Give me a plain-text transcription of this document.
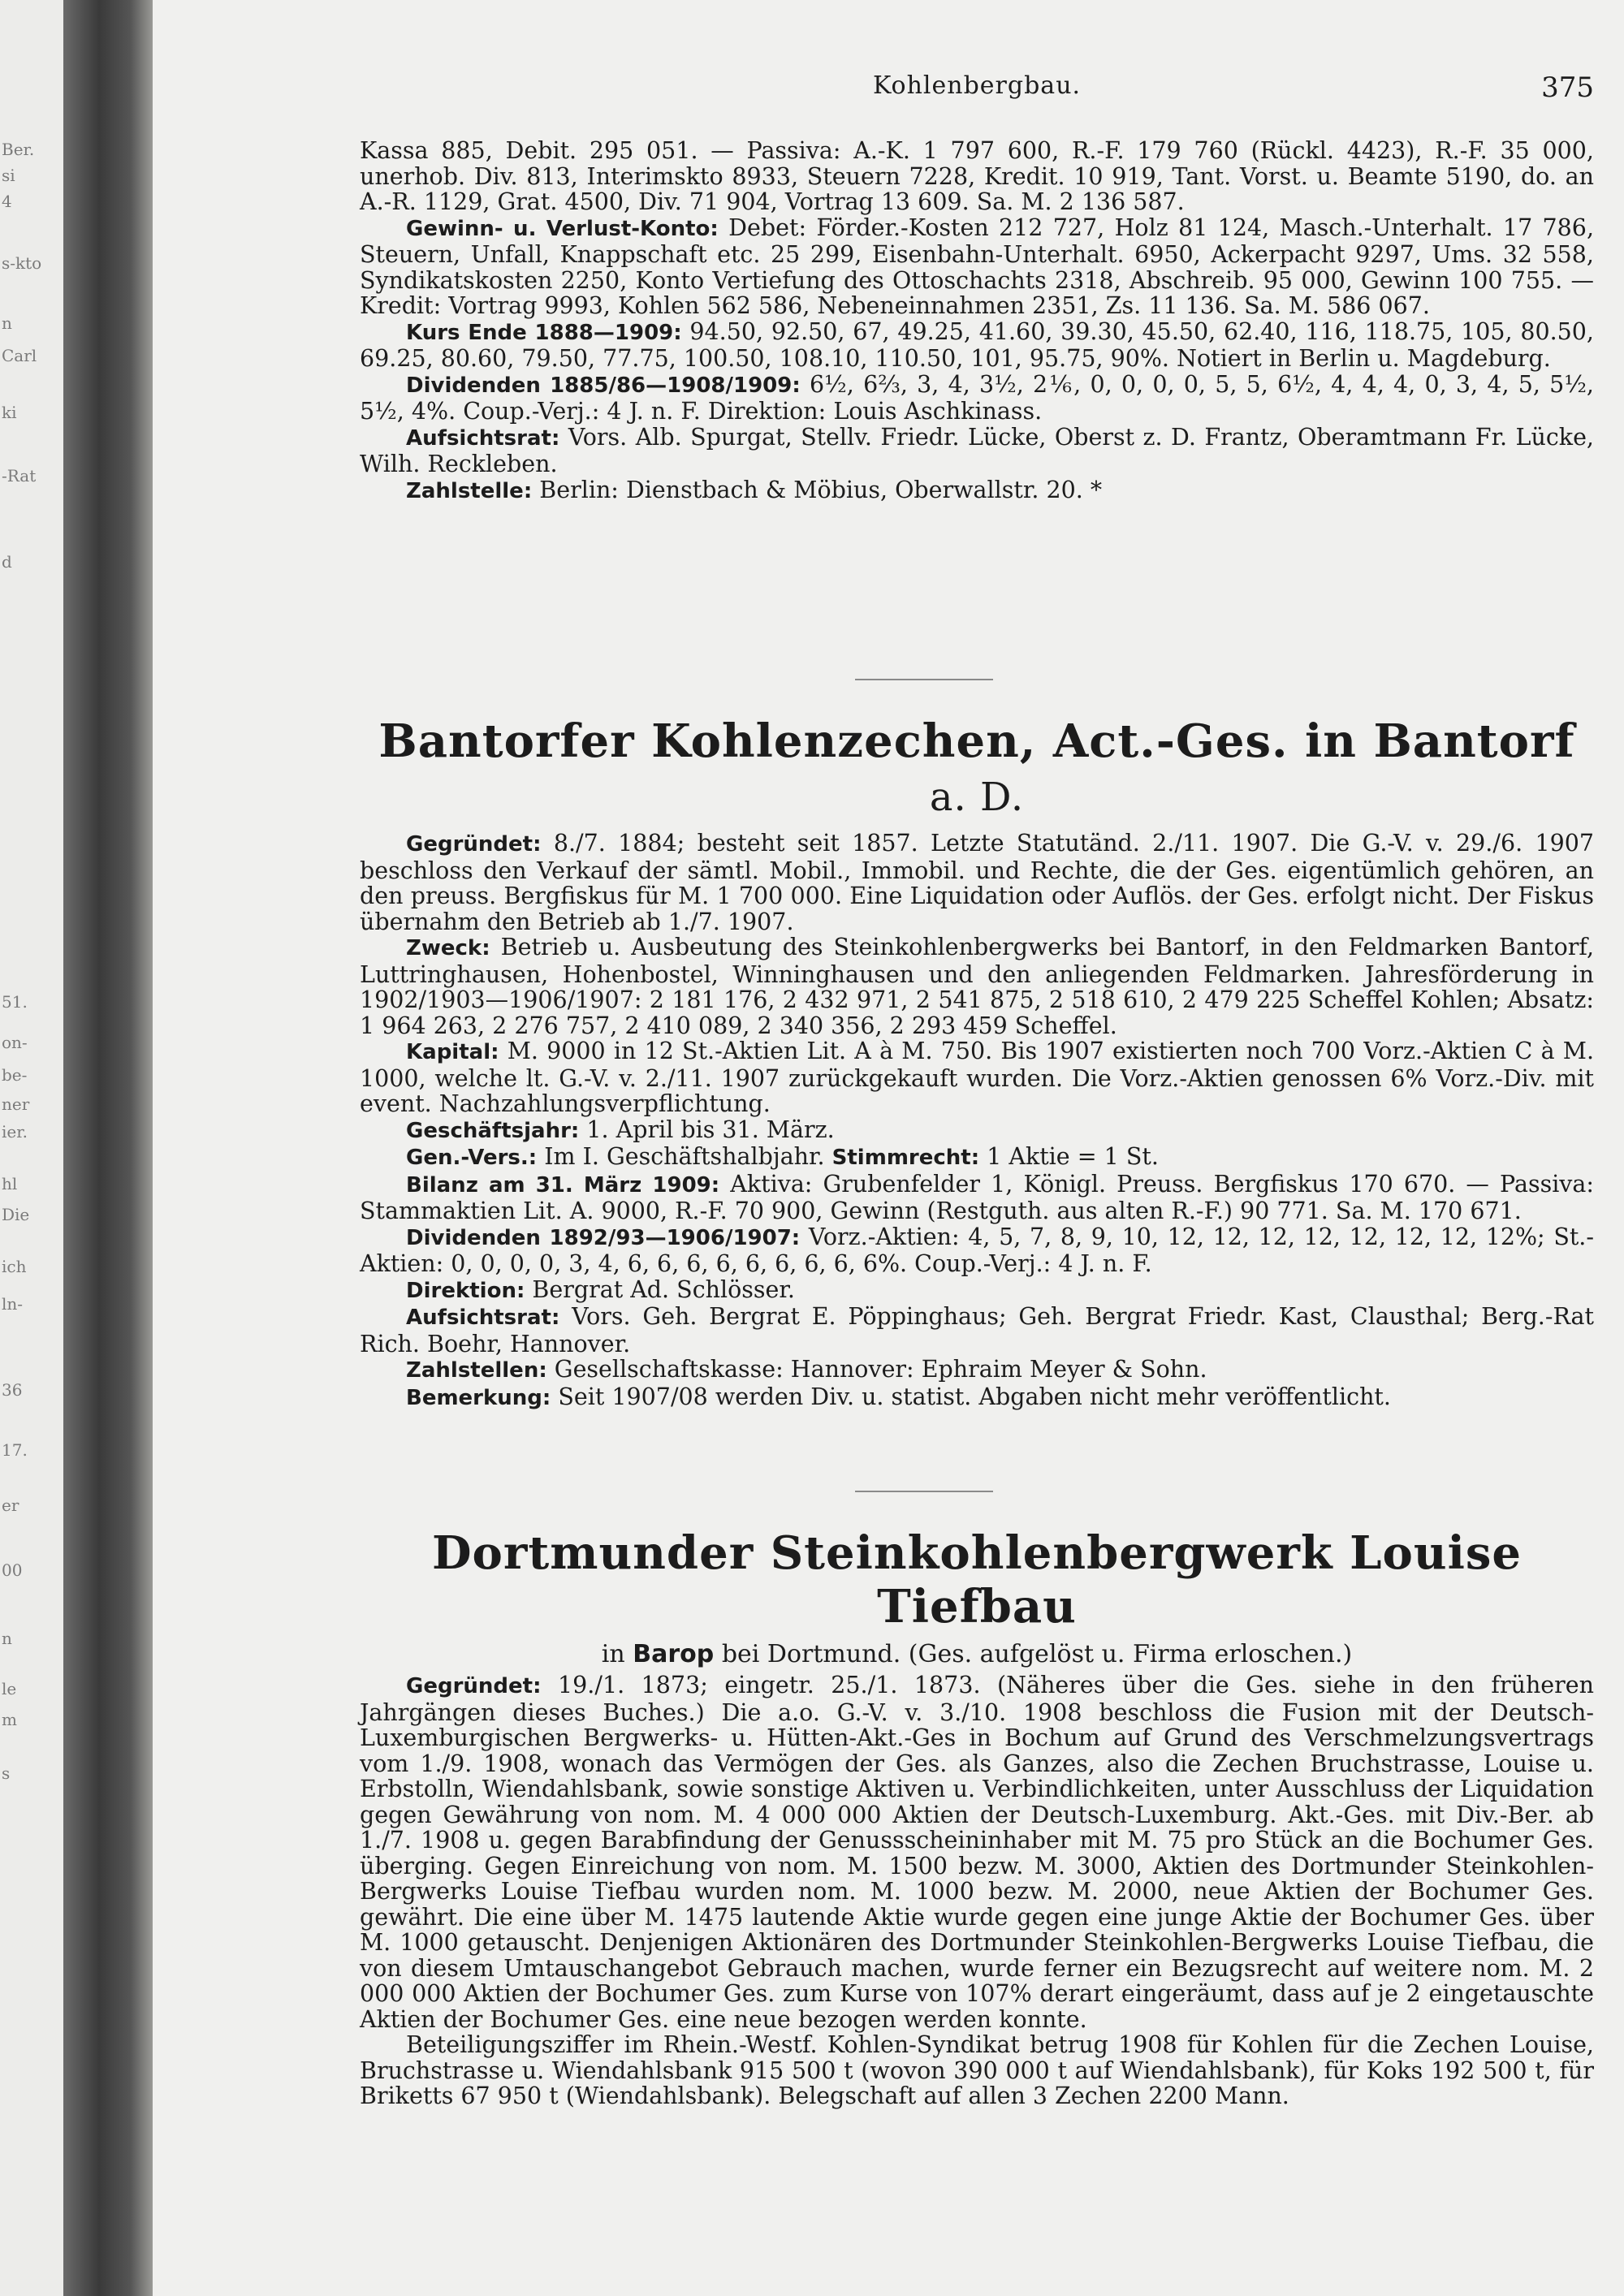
Ber.
si
4
s-kto
n
Carl
ki
-Rat
d
51.
on-
be-
ner
ier.
hl
Die
ich
ln-
36
17.
er
00
n
le
m
s
Kohlenbergbau.	375

Kassa 885, Debit. 295 051. — Passiva: A.-K. 1 797 600, R.-F. 179 760 (Rückl. 4423), R.-F. 35 000, unerhob. Div. 813, Interimskto 8933, Steuern 7228, Kredit. 10 919, Tant. Vorst. u. Beamte 5190, do. an A.-R. 1129, Grat. 4500, Div. 71 904, Vortrag 13 609. Sa. M. 2 136 587.

Gewinn- u. Verlust-Konto: Debet: Förder.-Kosten 212 727, Holz 81 124, Masch.-Unterhalt. 17 786, Steuern, Unfall, Knappschaft etc. 25 299, Eisenbahn-Unterhalt. 6950, Ackerpacht 9297, Ums. 32 558, Syndikatskosten 2250, Konto Vertiefung des Ottoschachts 2318, Abschreib. 95 000, Gewinn 100 755. — Kredit: Vortrag 9993, Kohlen 562 586, Nebeneinnahmen 2351, Zs. 11 136. Sa. M. 586 067.

Kurs Ende 1888—1909: 94.50, 92.50, 67, 49.25, 41.60, 39.30, 45.50, 62.40, 116, 118.75, 105, 80.50, 69.25, 80.60, 79.50, 77.75, 100.50, 108.10, 110.50, 101, 95.75, 90%. Notiert in Berlin u. Magdeburg.

Dividenden 1885/86—1908/1909: 6½, 6⅔, 3, 4, 3½, 2⅙, 0, 0, 0, 0, 5, 5, 6½, 4, 4, 4, 0, 3, 4, 5, 5½, 5½, 4%. Coup.-Verj.: 4 J. n. F. Direktion: Louis Aschkinass.

Aufsichtsrat: Vors. Alb. Spurgat, Stellv. Friedr. Lücke, Oberst z. D. Frantz, Oberamtmann Fr. Lücke, Wilh. Reckleben.

Zahlstelle: Berlin: Dienstbach & Möbius, Oberwallstr. 20. *

Bantorfer Kohlenzechen, Act.-Ges. in Bantorf a. D.

Gegründet: 8./7. 1884; besteht seit 1857. Letzte Statutänd. 2./11. 1907. Die G.-V. v. 29./6. 1907 beschloss den Verkauf der sämtl. Mobil., Immobil. und Rechte, die der Ges. eigentümlich gehören, an den preuss. Bergfiskus für M. 1 700 000. Eine Liquidation oder Auflös. der Ges. erfolgt nicht. Der Fiskus übernahm den Betrieb ab 1./7. 1907.

Zweck: Betrieb u. Ausbeutung des Steinkohlenbergwerks bei Bantorf, in den Feldmarken Bantorf, Luttringhausen, Hohenbostel, Winninghausen und den anliegenden Feldmarken. Jahresförderung in 1902/1903—1906/1907: 2 181 176, 2 432 971, 2 541 875, 2 518 610, 2 479 225 Scheffel Kohlen; Absatz: 1 964 263, 2 276 757, 2 410 089, 2 340 356, 2 293 459 Scheffel.

Kapital: M. 9000 in 12 St.-Aktien Lit. A à M. 750. Bis 1907 existierten noch 700 Vorz.-Aktien C à M. 1000, welche lt. G.-V. v. 2./11. 1907 zurückgekauft wurden. Die Vorz.-Aktien genossen 6% Vorz.-Div. mit event. Nachzahlungsverpflichtung.

Geschäftsjahr: 1. April bis 31. März.

Gen.-Vers.: Im I. Geschäftshalbjahr. Stimmrecht: 1 Aktie = 1 St.

Bilanz am 31. März 1909: Aktiva: Grubenfelder 1, Königl. Preuss. Bergfiskus 170 670. — Passiva: Stammaktien Lit. A. 9000, R.-F. 70 900, Gewinn (Restguth. aus alten R.-F.) 90 771. Sa. M. 170 671.

Dividenden 1892/93—1906/1907: Vorz.-Aktien: 4, 5, 7, 8, 9, 10, 12, 12, 12, 12, 12, 12, 12, 12%; St.-Aktien: 0, 0, 0, 0, 3, 4, 6, 6, 6, 6, 6, 6, 6, 6, 6%. Coup.-Verj.: 4 J. n. F.

Direktion: Bergrat Ad. Schlösser.

Aufsichtsrat: Vors. Geh. Bergrat E. Pöppinghaus; Geh. Bergrat Friedr. Kast, Clausthal; Berg.-Rat Rich. Boehr, Hannover.

Zahlstellen: Gesellschaftskasse: Hannover: Ephraim Meyer & Sohn.

Bemerkung: Seit 1907/08 werden Div. u. statist. Abgaben nicht mehr veröffentlicht.

Dortmunder Steinkohlenbergwerk Louise Tiefbau
in Barop bei Dortmund. (Ges. aufgelöst u. Firma erloschen.)

Gegründet: 19./1. 1873; eingetr. 25./1. 1873. (Näheres über die Ges. siehe in den früheren Jahrgängen dieses Buches.) Die a.o. G.-V. v. 3./10. 1908 beschloss die Fusion mit der Deutsch-Luxemburgischen Bergwerks- u. Hütten-Akt.-Ges in Bochum auf Grund des Verschmelzungsvertrags vom 1./9. 1908, wonach das Vermögen der Ges. als Ganzes, also die Zechen Bruchstrasse, Louise u. Erbstolln, Wiendahlsbank, sowie sonstige Aktiven u. Verbindlichkeiten, unter Ausschluss der Liquidation gegen Gewährung von nom. M. 4 000 000 Aktien der Deutsch-Luxemburg. Akt.-Ges. mit Div.-Ber. ab 1./7. 1908 u. gegen Barabfindung der Genussscheininhaber mit M. 75 pro Stück an die Bochumer Ges. überging. Gegen Einreichung von nom. M. 1500 bezw. M. 3000, Aktien des Dortmunder Steinkohlen-Bergwerks Louise Tiefbau wurden nom. M. 1000 bezw. M. 2000, neue Aktien der Bochumer Ges. gewährt. Die eine über M. 1475 lautende Aktie wurde gegen eine junge Aktie der Bochumer Ges. über M. 1000 getauscht. Denjenigen Aktionären des Dortmunder Steinkohlen-Bergwerks Louise Tiefbau, die von diesem Umtauschangebot Gebrauch machen, wurde ferner ein Bezugsrecht auf weitere nom. M. 2 000 000 Aktien der Bochumer Ges. zum Kurse von 107% derart eingeräumt, dass auf je 2 eingetauschte Aktien der Bochumer Ges. eine neue bezogen werden konnte.

Beteiligungsziffer im Rhein.-Westf. Kohlen-Syndikat betrug 1908 für Kohlen für die Zechen Louise, Bruchstrasse u. Wiendahlsbank 915 500 t (wovon 390 000 t auf Wiendahlsbank), für Koks 192 500 t, für Briketts 67 950 t (Wiendahlsbank). Belegschaft auf allen 3 Zechen 2200 Mann.
